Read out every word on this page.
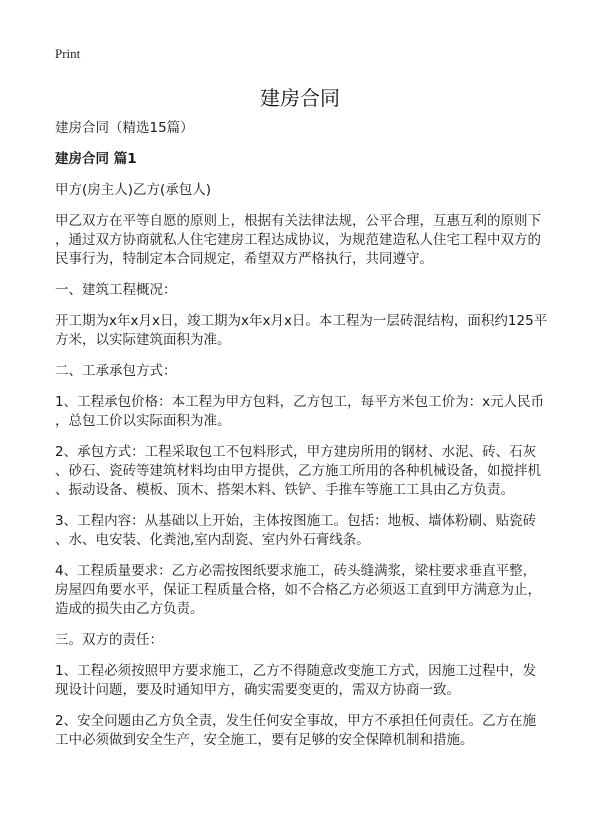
Print
建房合同
建房合同（精选15篇）
建房合同 篇1
甲方(房主人)乙方(承包人)
甲乙双方在平等自愿的原则上，根据有关法律法规，公平合理，互惠互利的原则下
，通过双方协商就私人住宅建房工程达成协议，为规范建造私人住宅工程中双方的
民事行为，特制定本合同规定，希望双方严格执行，共同遵守。
一、建筑工程概况：
开工期为x年x月x日，竣工期为x年x月x日。本工程为一层砖混结构，面积约125平
方米，以实际建筑面积为准。
二、工承承包方式：
1、工程承包价格：本工程为甲方包料，乙方包工，每平方米包工价为：x元人民币
，总包工价以实际面积为准。
2、承包方式：工程采取包工不包料形式，甲方建房所用的钢材、水泥、砖、石灰
、砂石、瓷砖等建筑材料均由甲方提供，乙方施工所用的各种机械设备，如搅拌机
、振动设备、模板、顶木、搭架木料、铁铲、手推车等施工工具由乙方负责。
3、工程内容：从基础以上开始，主体按图施工。包括：地板、墙体粉刷、贴瓷砖
、水、电安装、化粪池,室内刮瓷、室内外石膏线条。
4、工程质量要求：乙方必需按图纸要求施工，砖头缝满浆，梁柱要求垂直平整，
房屋四角要水平，保证工程质量合格，如不合格乙方必须返工直到甲方满意为止，
造成的损失由乙方负责。
三。双方的责任：
1、工程必须按照甲方要求施工，乙方不得随意改变施工方式，因施工过程中，发
现设计问题，要及时通知甲方，确实需要变更的，需双方协商一致。
2、安全问题由乙方负全责，发生任何安全事故，甲方不承担任何责任。乙方在施
工中必须做到安全生产，安全施工，要有足够的安全保障机制和措施。
